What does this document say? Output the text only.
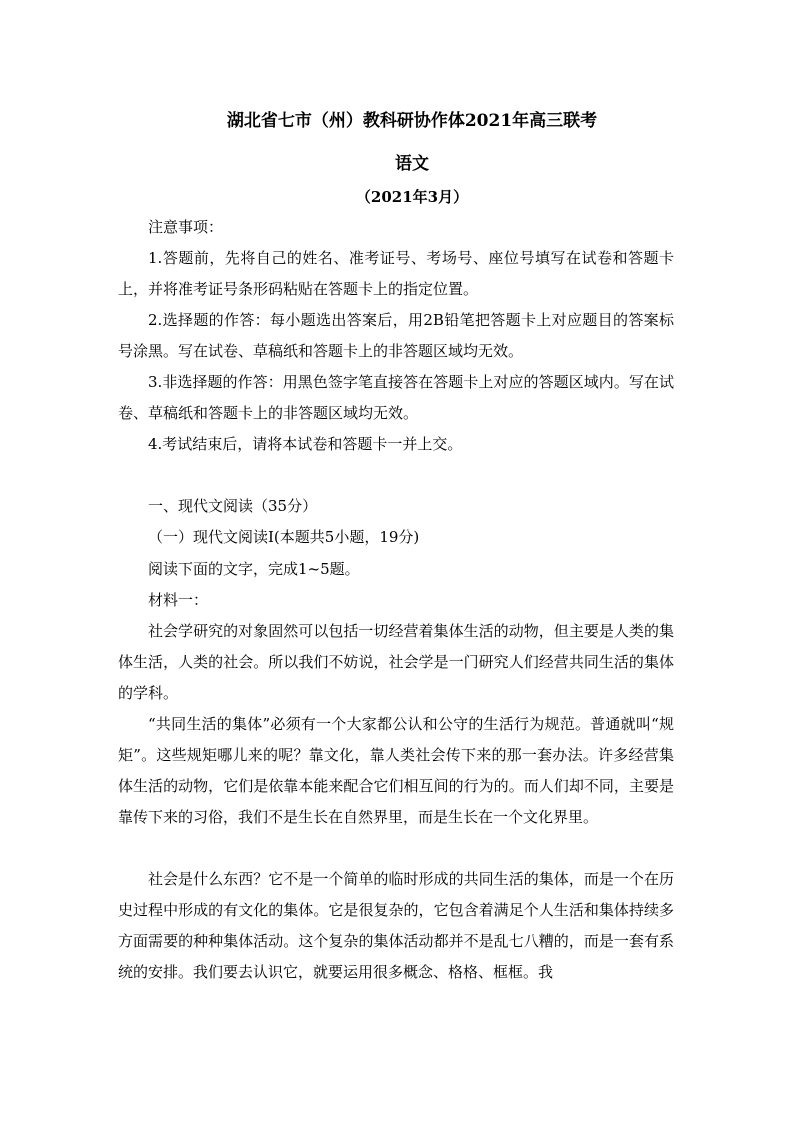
湖北省七市（州）教科研协作体2021年高三联考
语文
（2021年3月）
注意事项：
1.答题前，先将自己的姓名、准考证号、考场号、座位号填写在试卷和答题卡上，并将准考证号条形码粘贴在答题卡上的指定位置。
2.选择题的作答：每小题选出答案后，用2B铅笔把答题卡上对应题目的答案标号涂黑。写在试卷、草稿纸和答题卡上的非答题区域均无效。
3.非选择题的作答：用黑色签字笔直接答在答题卡上对应的答题区域内。写在试卷、草稿纸和答题卡上的非答题区域均无效。
4.考试结束后，请将本试卷和答题卡一并上交。
一、现代文阅读（35分）
（一）现代文阅读Ⅰ(本题共5小题，19分)
阅读下面的文字，完成1~5题。
材料一：
社会学研究的对象固然可以包括一切经营着集体生活的动物，但主要是人类的集体生活，人类的社会。所以我们不妨说，社会学是一门研究人们经营共同生活的集体的学科。
“共同生活的集体”必须有一个大家都公认和公守的生活行为规范。普通就叫“规矩”。这些规矩哪儿来的呢？靠文化，靠人类社会传下来的那一套办法。许多经营集体生活的动物，它们是依靠本能来配合它们相互间的行为的。而人们却不同，主要是靠传下来的习俗，我们不是生长在自然界里，而是生长在一个文化界里。
社会是什么东西？它不是一个简单的临时形成的共同生活的集体，而是一个在历史过程中形成的有文化的集体。它是很复杂的，它包含着满足个人生活和集体持续多方面需要的种种集体活动。这个复杂的集体活动都并不是乱七八糟的，而是一套有系统的安排。我们要去认识它，就要运用很多概念、格格、框框。我
